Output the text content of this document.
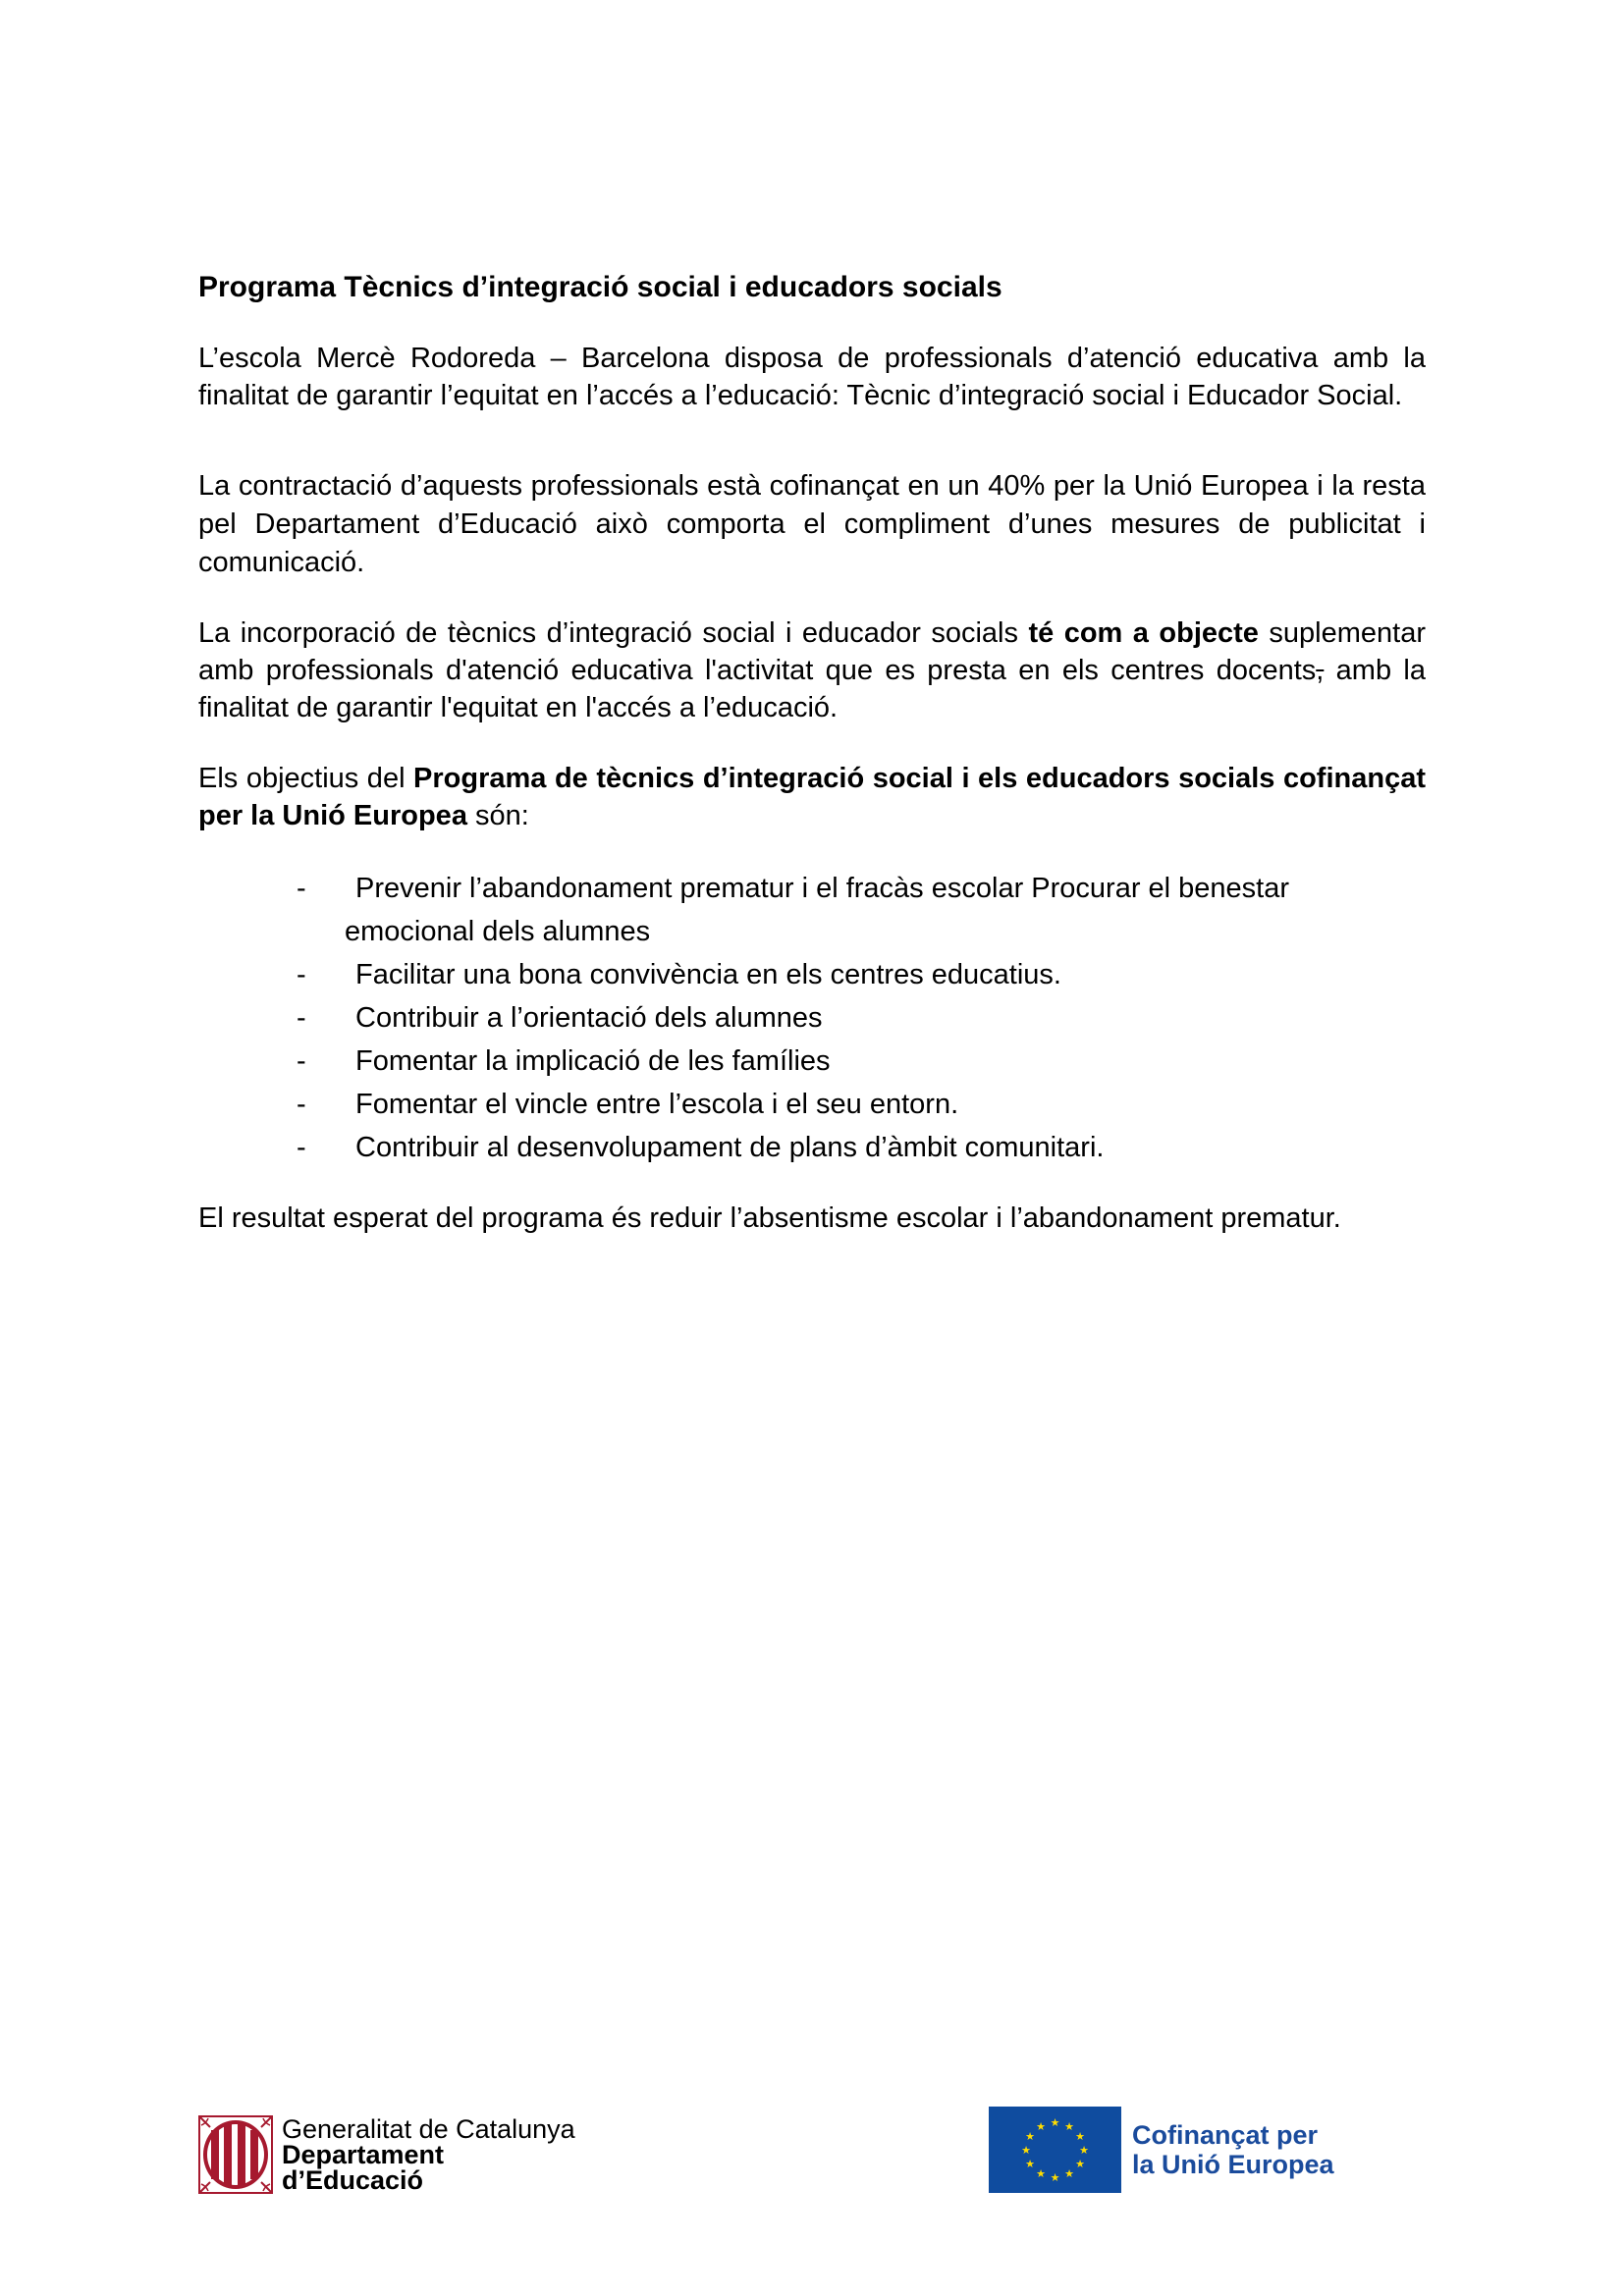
Programa Tècnics d’integració social i educadors socials

L’escola Mercè Rodoreda – Barcelona disposa de professionals d’atenció educativa amb la finalitat de garantir l’equitat en l’accés a l’educació: Tècnic d’integració social i Educador Social.

La contractació d’aquests professionals està cofinançat en un 40% per la Unió Europea i la resta pel Departament d’Educació això comporta el compliment d’unes mesures de publicitat i comunicació.

La incorporació de tècnics d’integració social i educador socials té com a objecte suplementar amb professionals d'atenció educativa l'activitat que es presta en els centres docents, amb la finalitat de garantir l'equitat en l'accés a l’educació.

Els objectius del Programa de tècnics d’integració social i els educadors socials cofinançat per la Unió Europea són:

- Prevenir l’abandonament prematur i el fracàs escolar Procurar el benestar
emocional dels alumnes
- Facilitar una bona convivència en els centres educatius.
- Contribuir a l’orientació dels alumnes
- Fomentar la implicació de les famílies
- Fomentar el vincle entre l’escola i el seu entorn.
- Contribuir al desenvolupament de plans d’àmbit comunitari.

El resultat esperat del programa és reduir l’absentisme escolar i l’abandonament prematur.

Generalitat de Catalunya
Departament
d’Educació
★ ★
★
★
★
★
★
★
★
★
★
★	Cofinançat per
la Unió Europea
